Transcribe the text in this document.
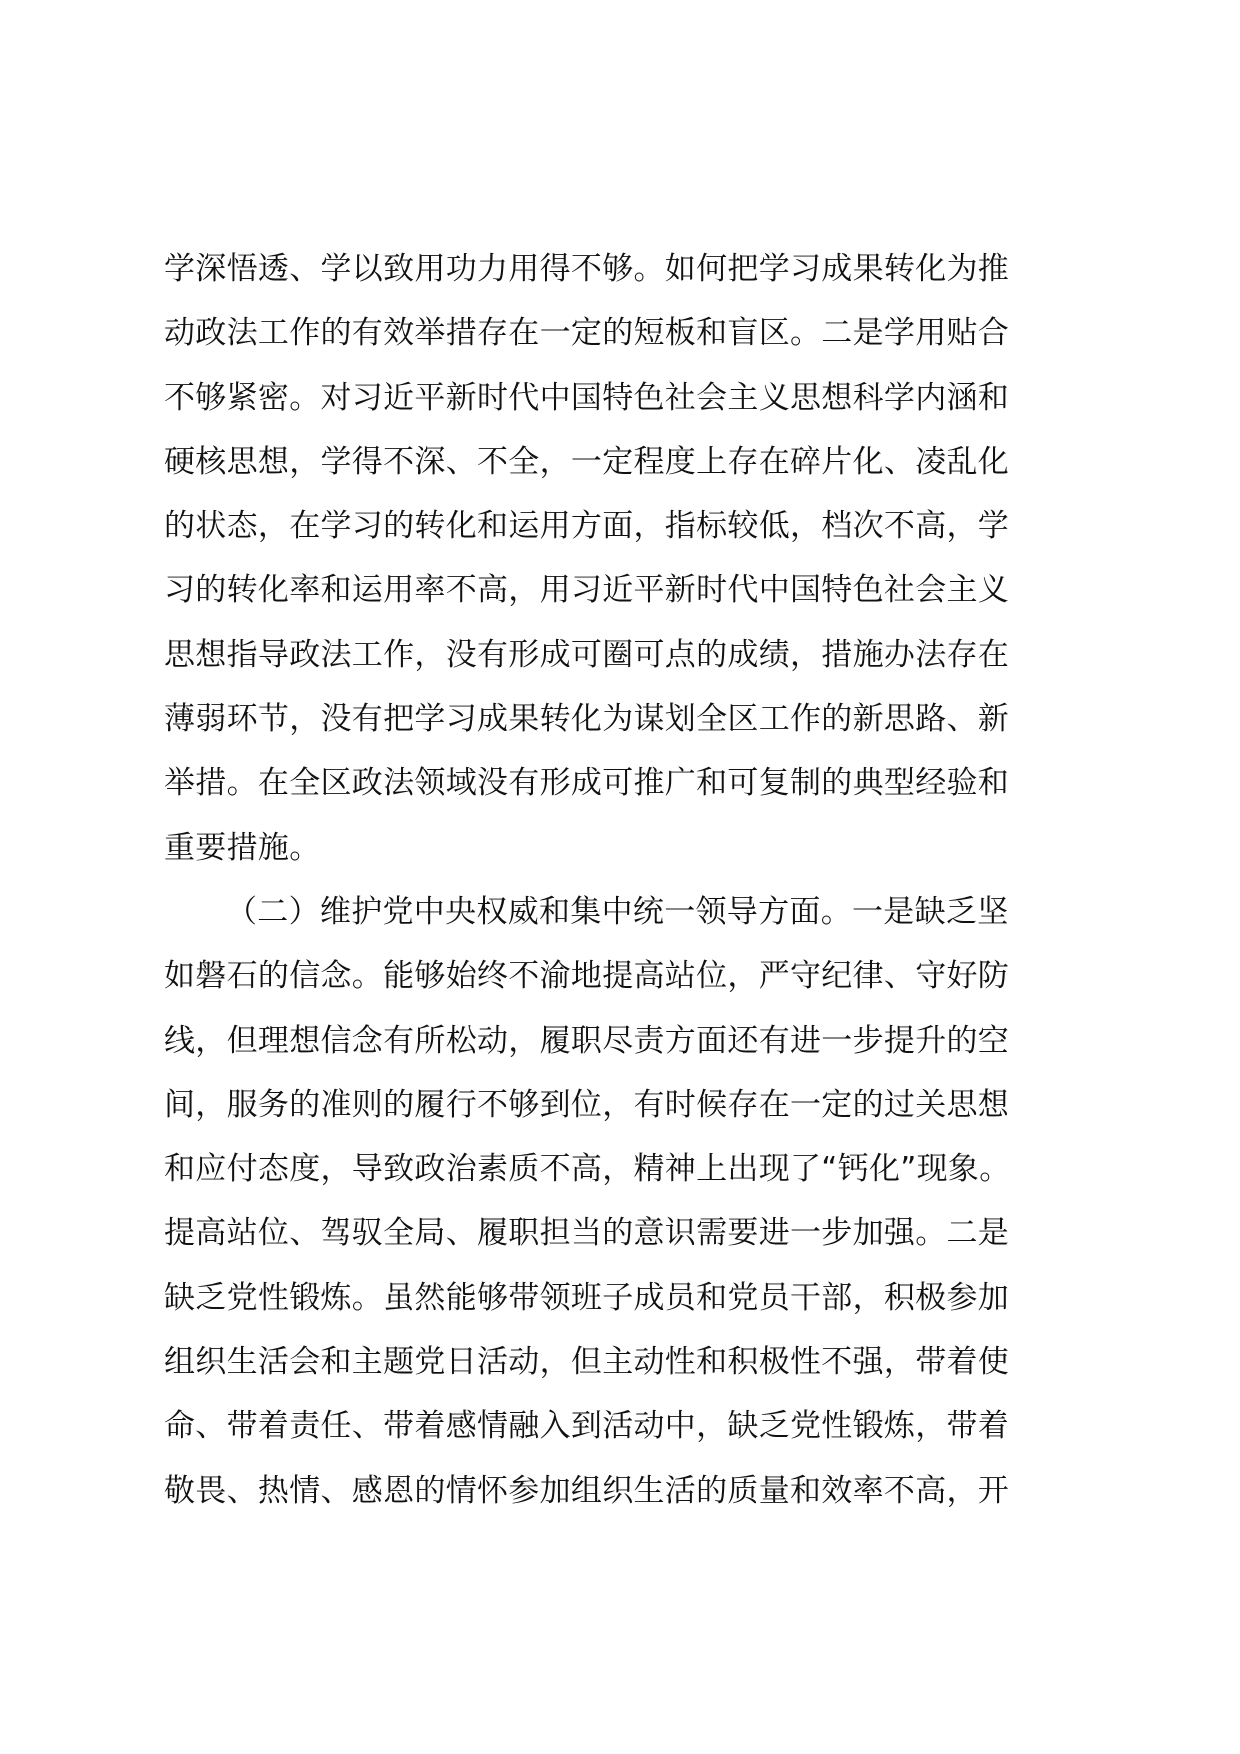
学深悟透、学以致用功力用得不够。如何把学习成果转化为推
动政法工作的有效举措存在一定的短板和盲区。二是学用贴合
不够紧密。对习近平新时代中国特色社会主义思想科学内涵和
硬核思想，学得不深、不全，一定程度上存在碎片化、凌乱化
的状态，在学习的转化和运用方面，指标较低，档次不高，学
习的转化率和运用率不高，用习近平新时代中国特色社会主义
思想指导政法工作，没有形成可圈可点的成绩，措施办法存在
薄弱环节，没有把学习成果转化为谋划全区工作的新思路、新
举措。在全区政法领域没有形成可推广和可复制的典型经验和
重要措施。
（二）维护党中央权威和集中统一领导方面。一是缺乏坚
如磐石的信念。能够始终不渝地提高站位，严守纪律、守好防
线，但理想信念有所松动，履职尽责方面还有进一步提升的空
间，服务的准则的履行不够到位，有时候存在一定的过关思想
和应付态度，导致政治素质不高，精神上出现了“钙化”现象。
提高站位、驾驭全局、履职担当的意识需要进一步加强。二是
缺乏党性锻炼。虽然能够带领班子成员和党员干部，积极参加
组织生活会和主题党日活动，但主动性和积极性不强，带着使
命、带着责任、带着感情融入到活动中，缺乏党性锻炼，带着
敬畏、热情、感恩的情怀参加组织生活的质量和效率不高，开
